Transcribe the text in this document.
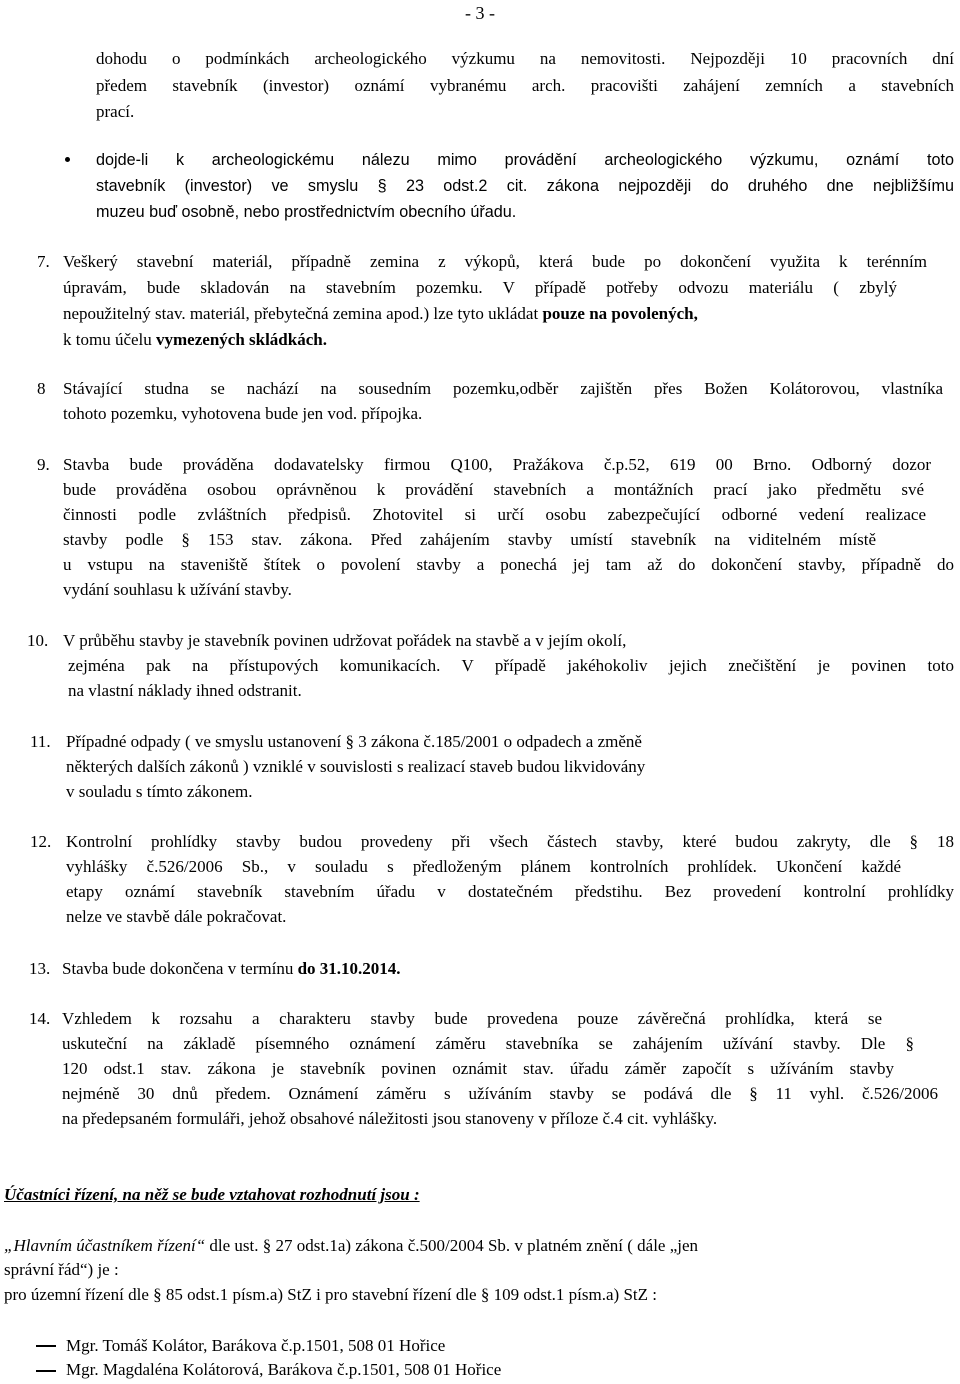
- 3 -
dohodu o podmínkách archeologického výzkumu na nemovitosti. Nejpozději 10 pracovních dní
předem stavebník (investor) oznámí vybranému arch. pracovišti zahájení zemních a stavebních
prací.
dojde-li k archeologickému nálezu mimo provádění archeologického výzkumu, oznámí toto
stavebník (investor) ve smyslu § 23 odst.2 cit. zákona nejpozději do druhého dne nejbližšímu
muzeu buď osobně, nebo prostřednictvím obecního úřadu.
7. Veškerý stavební materiál, případně zemina z výkopů, která bude po dokončení využita k terénním
úpravám, bude skladován na stavebním pozemku. V případě potřeby odvozu materiálu ( zbylý
nepoužitelný stav. materiál, přebytečná zemina apod.) lze tyto ukládat pouze na povolených,
k tomu účelu vymezených skládkách.
8 Stávající studna se nachází na sousedním pozemku,odběr zajištěn přes Božen Kolátorovou, vlastníka
tohoto pozemku, vyhotovena bude jen vod. přípojka.
9. Stavba bude prováděna dodavatelsky firmou Q100, Pražákova č.p.52, 619 00 Brno. Odborný dozor
bude prováděna osobou oprávněnou k provádění stavebních a montážních prací jako předmětu své
činnosti podle zvláštních předpisů. Zhotovitel si určí osobu zabezpečující odborné vedení realizace
stavby podle § 153 stav. zákona. Před zahájením stavby umístí stavebník na viditelném místě
u vstupu na staveniště štítek o povolení stavby a ponechá jej tam až do dokončení stavby, případně do
vydání souhlasu k užívání stavby.
10. V průběhu stavby je stavebník povinen udržovat pořádek na stavbě a v jejím okolí,
zejména pak na přístupových komunikacích. V případě jakéhokoliv jejich znečištění je povinen toto
na vlastní náklady ihned odstranit.
11. Případné odpady ( ve smyslu ustanovení § 3 zákona č.185/2001 o odpadech a změně
některých dalších zákonů ) vzniklé v souvislosti s realizací staveb budou likvidovány
v souladu s tímto zákonem.
12. Kontrolní prohlídky stavby budou provedeny při všech částech stavby, které budou zakryty, dle § 18
vyhlášky č.526/2006 Sb., v souladu s předloženým plánem kontrolních prohlídek. Ukončení každé
etapy oznámí stavebník stavebním úřadu v dostatečném předstihu. Bez provedení kontrolní prohlídky
nelze ve stavbě dále pokračovat.
13. Stavba bude dokončena v termínu do 31.10.2014.
14. Vzhledem k rozsahu a charakteru stavby bude provedena pouze závěrečná prohlídka, která se
uskuteční na základě písemného oznámení záměru stavebníka se zahájením užívání stavby. Dle §
120 odst.1 stav. zákona je stavebník povinen oznámit stav. úřadu záměr započít s užíváním stavby
nejméně 30 dnů předem. Oznámení záměru s užíváním stavby se podává dle § 11 vyhl. č.526/2006
na předepsaném formuláři, jehož obsahové náležitosti jsou stanoveny v příloze č.4 cit. vyhlášky.
Účastníci řízení, na něž se bude vztahovat rozhodnutí jsou :
„Hlavním účastníkem řízení“ dle ust. § 27 odst.1a) zákona č.500/2004 Sb. v platném znění ( dále „jen
správní řád“) je :
pro územní řízení dle § 85 odst.1 písm.a) StZ i pro stavební řízení dle § 109 odst.1 písm.a) StZ :
Mgr. Tomáš Kolátor, Barákova č.p.1501, 508 01 Hořice
Mgr. Magdaléna Kolátorová, Barákova č.p.1501, 508 01 Hořice
